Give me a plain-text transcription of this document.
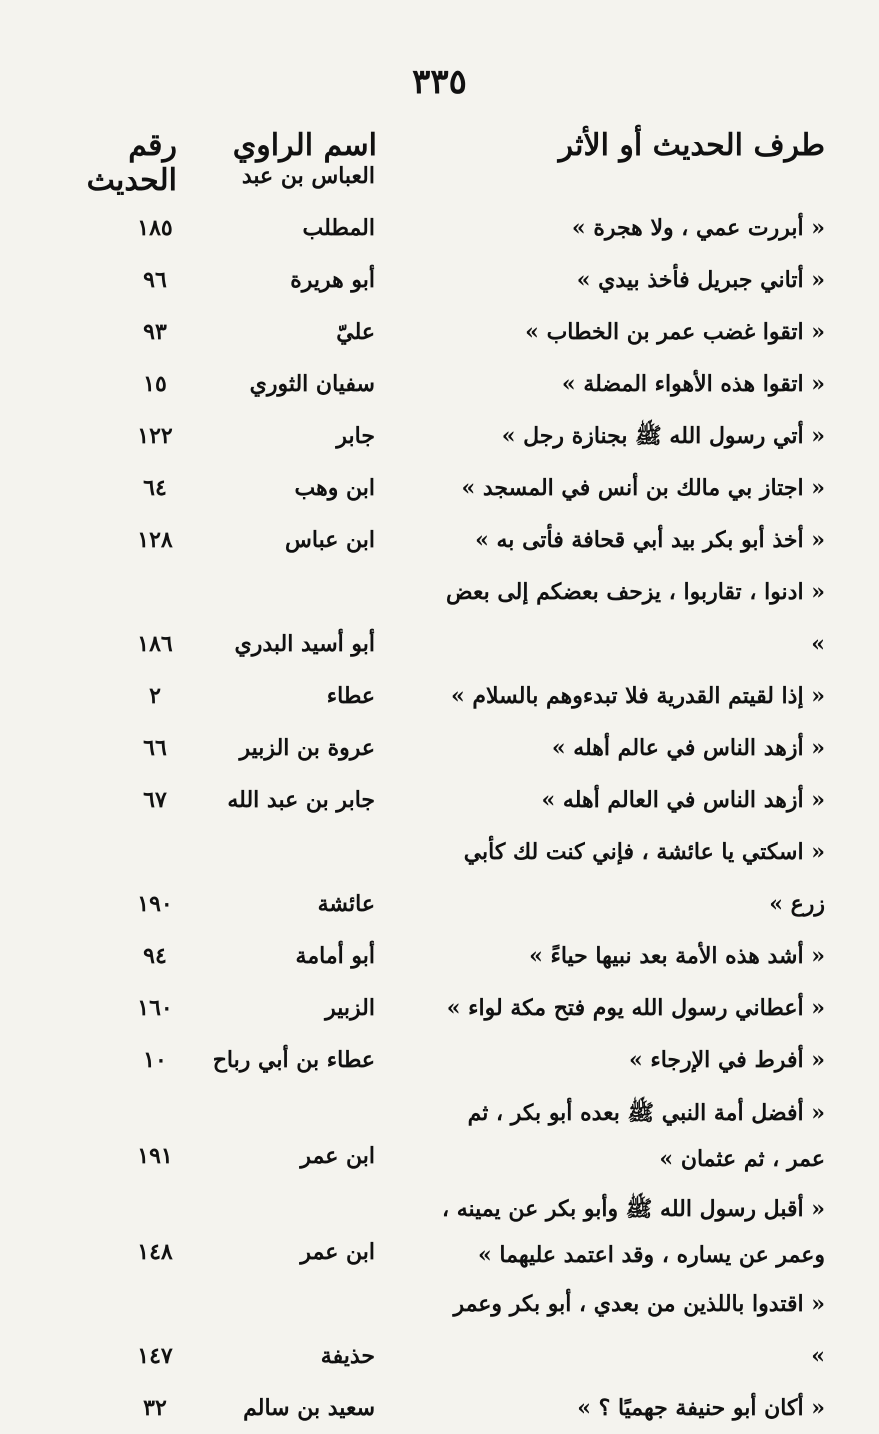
٣٣٥
طرف الحديث أو الأثر
اسم الراوي
رقم الحديث
« أبررت عمي ، ولا هجرة »
العباس بن عبد المطلب
١٨٥
« أتاني جبريل فأخذ بيدي »
أبو هريرة
٩٦
« اتقوا غضب عمر بن الخطاب »
عليّ
٩٣
« اتقوا هذه الأهواء المضلة »
سفيان الثوري
١٥
« أتي رسول الله ﷺ بجنازة رجل »
جابر
١٢٢
« اجتاز بي مالك بن أنس في المسجد »
ابن وهب
٦٤
« أخذ أبو بكر بيد أبي قحافة فأتى به »
ابن عباس
١٢٨
« ادنوا ، تقاربوا ، يزحف بعضكم إلى بعض »
أبو أسيد البدري
١٨٦
« إذا لقيتم القدرية فلا تبدءوهم بالسلام »
عطاء
٢
« أزهد الناس في عالم أهله »
عروة بن الزبير
٦٦
« أزهد الناس في العالم أهله »
جابر بن عبد الله
٦٧
« اسكتي يا عائشة ، فإني كنت لك كأبي زرع »
عائشة
١٩٠
« أشد هذه الأمة بعد نبيها حياءً »
أبو أمامة
٩٤
« أعطاني رسول الله يوم فتح مكة لواء »
الزبير
١٦٠
« أفرط في الإرجاء »
عطاء بن أبي رباح
١٠
« أفضل أمة النبي ﷺ بعده أبو بكر ، ثم عمر ، ثم عثمان »
ابن عمر
١٩١
« أقبل رسول الله ﷺ وأبو بكر عن يمينه ، وعمر عن يساره ، وقد اعتمد عليهما »
ابن عمر
١٤٨
« اقتدوا باللذين من بعدي ، أبو بكر وعمر »
حذيفة
١٤٧
« أكان أبو حنيفة جهميًا ؟ »
سعيد بن سالم
٣٢
